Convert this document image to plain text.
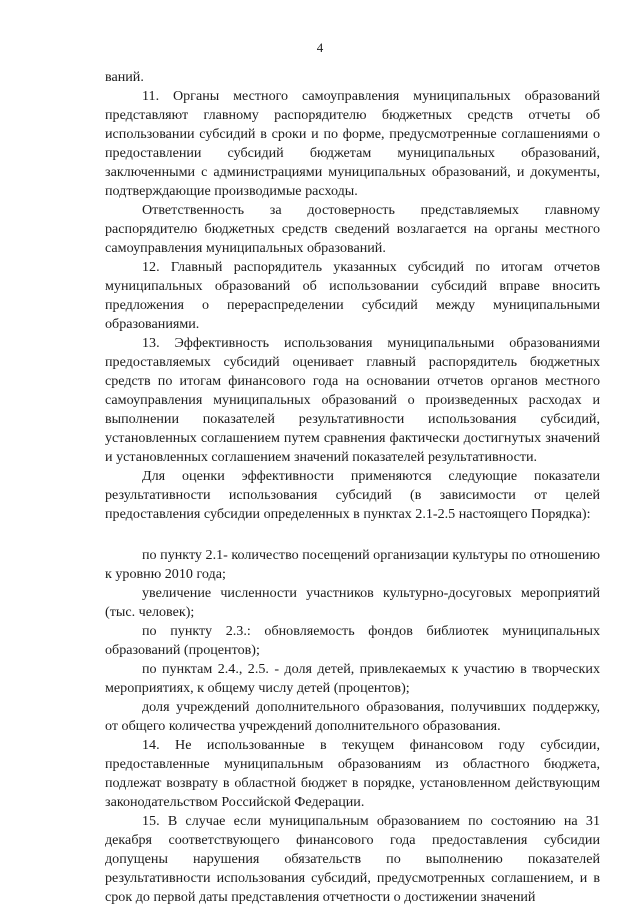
4

ваний.

11. Органы местного самоуправления муниципальных образований представляют главному распорядителю бюджетных средств отчеты об использовании субсидий в сроки и по форме, предусмотренные соглашениями о предоставлении субсидий бюджетам муниципальных образований, заключенными с администрациями муниципальных образований, и документы, подтверждающие производимые расходы.

Ответственность за достоверность представляемых главному распорядителю бюджетных средств сведений возлагается на органы местного самоуправления муниципальных образований.

12. Главный распорядитель указанных субсидий по итогам отчетов муниципальных образований об использовании субсидий вправе вносить предложения о перераспределении субсидий между муниципальными образованиями.

13. Эффективность использования муниципальными образованиями предоставляемых субсидий оценивает главный распорядитель бюджетных средств по итогам финансового года на основании отчетов органов местного самоуправления муниципальных образований о произведенных расходах и выполнении показателей результативности использования субсидий, установленных соглашением путем сравнения фактически достигнутых значений и установленных соглашением значений показателей результативности.

Для оценки эффективности применяются следующие показатели результативности использования субсидий (в зависимости от целей предоставления субсидии определенных в пунктах 2.1-2.5 настоящего Порядка):

по пункту 2.1- количество посещений организации культуры по отношению к уровню 2010 года;

увеличение численности участников культурно-досуговых мероприятий (тыс. человек);

по пункту 2.3.: обновляемость фондов библиотек муниципальных образований (процентов);

по пунктам 2.4., 2.5. - доля детей, привлекаемых к участию в творческих мероприятиях, к общему числу детей (процентов);

доля учреждений дополнительного образования, получивших поддержку, от общего количества учреждений дополнительного образования.

14. Не использованные в текущем финансовом году субсидии, предоставленные муниципальным образованиям из областного бюджета, подлежат возврату в областной бюджет в порядке, установленном действующим законодательством Российской Федерации.

15. В случае если муниципальным образованием по состоянию на 31 декабря соответствующего финансового года предоставления субсидии допущены нарушения обязательств по выполнению показателей результативности использования субсидий, предусмотренных соглашением, и в срок до первой даты представления отчетности о достижении значений
